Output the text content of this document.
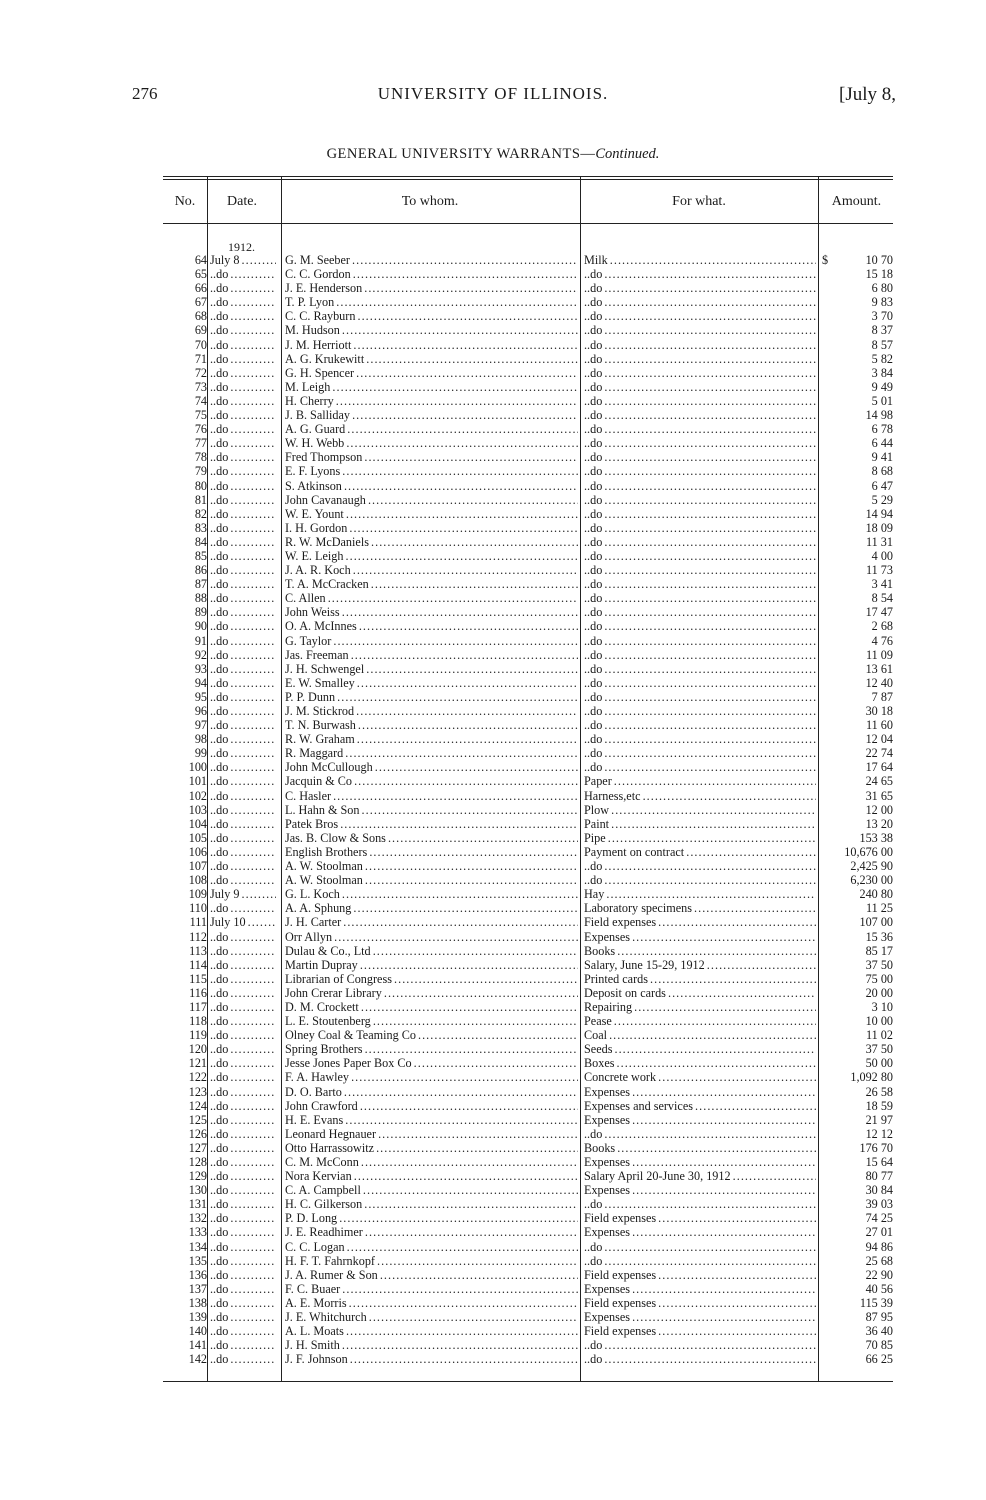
276	UNIVERSITY OF ILLINOIS.	[July 8,
GENERAL UNIVERSITY WARRANTS—Continued.
No.	Date.	To whom.	For what.	Amount.
1912.
$
64 July 8 . . .	G. M. Seeber . . .	Milk . . .	10 70
65 ..do . . .	C. C. Gordon . . .	..do . . .	15 18
66 ..do . . .	J. E. Henderson . . .	..do . . .	6 80
67 ..do . . .	T. P. Lyon . . .	..do . . .	9 83
68 ..do . . .	C. C. Rayburn . . .	..do . . .	3 70
69 ..do . . .	M. Hudson . . .	..do . . .	8 37
70 ..do . . .	J. M. Herriott . . .	..do . . .	8 57
71 ..do . . .	A. G. Krukewitt . . .	..do . . .	5 82
72 ..do . . .	G. H. Spencer . . .	..do . . .	3 84
73 ..do . . .	M. Leigh . . .	..do . . .	9 49
74 ..do . . .	H. Cherry . . .	..do . . .	5 01
75 ..do . . .	J. B. Salliday . . .	..do . . .	14 98
76 ..do . . .	A. G. Guard . . .	..do . . .	6 78
77 ..do . . .	W. H. Webb . . .	..do . . .	6 44
78 ..do . . .	Fred Thompson . . .	..do . . .	9 41
79 ..do . . .	E. F. Lyons . . .	..do . . .	8 68
80 ..do . . .	S. Atkinson . . .	..do . . .	6 47
81 ..do . . .	John Cavanaugh . . .	..do . . .	5 29
82 ..do . . .	W. E. Yount . . .	..do . . .	14 94
83 ..do . . .	I. H. Gordon . . .	..do . . .	18 09
84 ..do . . .	R. W. McDaniels . . .	..do . . .	11 31
85 ..do . . .	W. E. Leigh . . .	..do . . .	4 00
86 ..do . . .	J. A. R. Koch . . .	..do . . .	11 73
87 ..do . . .	T. A. McCracken . . .	..do . . .	3 41
88 ..do . . .	C. Allen . . .	..do . . .	8 54
89 ..do . . .	John Weiss . . .	..do . . .	17 47
90 ..do . . .	O. A. McInnes . . .	..do . . .	2 68
91 ..do . . .	G. Taylor . . .	..do . . .	4 76
92 ..do . . .	Jas. Freeman . . .	..do . . .	11 09
93 ..do . . .	J. H. Schwengel . . .	..do . . .	13 61
94 ..do . . .	E. W. Smalley . . .	..do . . .	12 40
95 ..do . . .	P. P. Dunn . . .	..do . . .	7 87
96 ..do . . .	J. M. Stickrod . . .	..do . . .	30 18
97 ..do . . .	T. N. Burwash . . .	..do . . .	11 60
98 ..do . . .	R. W. Graham . . .	..do . . .	12 04
99 ..do . . .	R. Maggard . . .	..do . . .	22 74
100 ..do . . .	John McCullough . . .	..do . . .	17 64
101 ..do . . .	Jacquin & Co . . .	Paper . . .	24 65
102 ..do . . .	C. Hasler . . .	Harness,etc . . .	31 65
103 ..do . . .	L. Hahn & Son . . .	Plow . . .	12 00
104 ..do . . .	Patek Bros . . .	Paint . . .	13 20
105 ..do . . .	Jas. B. Clow & Sons . . .	Pipe . . .	153 38
106 ..do . . .	English Brothers . . .	Payment on contract . . .	10,676 00
107 ..do . . .	A. W. Stoolman . . .	..do . . .	2,425 90
108 ..do . . .	A. W. Stoolman . . .	..do . . .	6,230 00
109 July 9 . . .	G. L. Koch . . .	Hay . . .	240 80
110 ..do . . .	A. A. Sphung . . .	Laboratory specimens . . .	11 25
111 July 10 . . .	J. H. Carter . . .	Field expenses . . .	107 00
112 ..do . . .	Orr Allyn . . .	Expenses . . .	15 36
113 ..do . . .	Dulau & Co., Ltd . . .	Books . . .	85 17
114 ..do . . .	Martin Dupray . . .	Salary, June 15-29, 1912 . . .	37 50
115 ..do . . .	Librarian of Congress . . .	Printed cards . . .	75 00
116 ..do . . .	John Crerar Library . . .	Deposit on cards . . .	20 00
117 ..do . . .	D. M. Crockett . . .	Repairing . . .	3 10
118 ..do . . .	L. E. Stoutenberg . . .	Pease . . .	10 00
119 ..do . . .	Olney Coal & Teaming Co . . .	Coal . . .	11 02
120 ..do . . .	Spring Brothers . . .	Seeds . . .	37 50
121 ..do . . .	Jesse Jones Paper Box Co . . .	Boxes . . .	50 00
122 ..do . . .	F. A. Hawley . . .	Concrete work . . .	1,092 80
123 ..do . . .	D. O. Barto . . .	Expenses . . .	26 58
124 ..do . . .	John Crawford . . .	Expenses and services . . .	18 59
125 ..do . . .	H. E. Evans . . .	Expenses . . .	21 97
126 ..do . . .	Leonard Hegnauer . . .	..do . . .	12 12
127 ..do . . .	Otto Harrassowitz . . .	Books . . .	176 70
128 ..do . . .	C. M. McConn . . .	Expenses . . .	15 64
129 ..do . . .	Nora Kervian . . .	Salary April 20-June 30, 1912 . . .	80 77
130 ..do . . .	C. A. Campbell . . .	Expenses . . .	30 84
131 ..do . . .	H. C. Gilkerson . . .	..do . . .	39 03
132 ..do . . .	P. D. Long . . .	Field expenses . . .	74 25
133 ..do . . .	J. E. Readhimer . . .	Expenses . . .	27 01
134 ..do . . .	C. C. Logan . . .	..do . . .	94 86
135 ..do . . .	H. F. T. Fahrnkopf . . .	..do . . .	25 68
136 ..do . . .	J. A. Rumer & Son . . .	Field expenses . . .	22 90
137 ..do . . .	F. C. Buaer . . .	Expenses . . .	40 56
138 ..do . . .	A. E. Morris . . .	Field expenses . . .	115 39
139 ..do . . .	J. E. Whitchurch . . .	Expenses . . .	87 95
140 ..do . . .	A. L. Moats . . .	Field expenses . . .	36 40
141 ..do . . .	J. H. Smith . . .	..do . . .	70 85
142 ..do . . .	J. F. Johnson . . .	..do . . .	66 25
